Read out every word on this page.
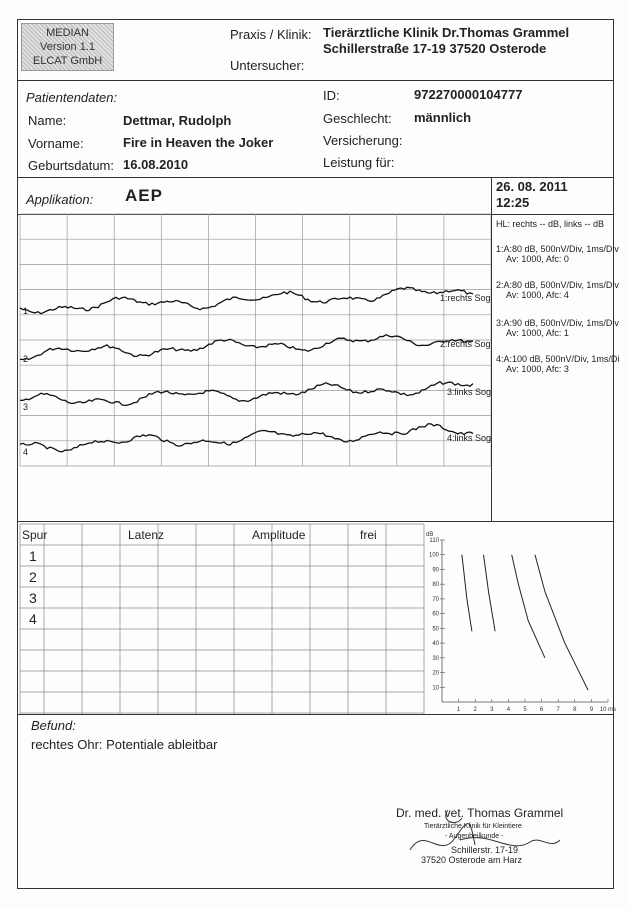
MEDIAN
Version 1.1
ELCAT GmbH
Praxis / Klinik: Tierärztliche Klinik Dr.Thomas Grammel
Schillerstraße 17-19 37520 Osterode
Untersucher:
Patientendaten:
Name:	Dettmar, Rudolph
Vorname:	Fire in Heaven the Joker
Geburtsdatum: 16.08.2010
ID:	972270000104777
Geschlecht: männlich
Versicherung:
Leistung für:
Applikation: AEP	26. 08. 2011
12:25
HL: rechts -- dB, links -- dB
1:A:80 dB, 500nV/Div, 1ms/Div
Av: 1000, Afc: 0
2:A:80 dB, 500nV/Div, 1ms/Div
Av: 1000, Afc: 4
3:A:90 dB, 500nV/Div, 1ms/Div
Av: 1000, Afc: 1
4:A:100 dB, 500nV/Div, 1ms/Di
Av: 1000, Afc: 3
1:rechts Sog
2:rechts Sog
3:links Sog
4:links Sog
1
2
3
4
Spur	Latenz	Amplitude	frei
1
2
3
4
dB
110
100
90
80
70
60
50
40
30
20
10
1 2 3 4 5 6 7 8 9 10 ms
Befund:
rechtes Ohr: Potentiale ableitbar
Dr. med. vet. Thomas Grammel
Tierärztliche Klinik für Kleintiere
- Augenheilkunde -
Schillerstr. 17-19
37520 Osterode am Harz
